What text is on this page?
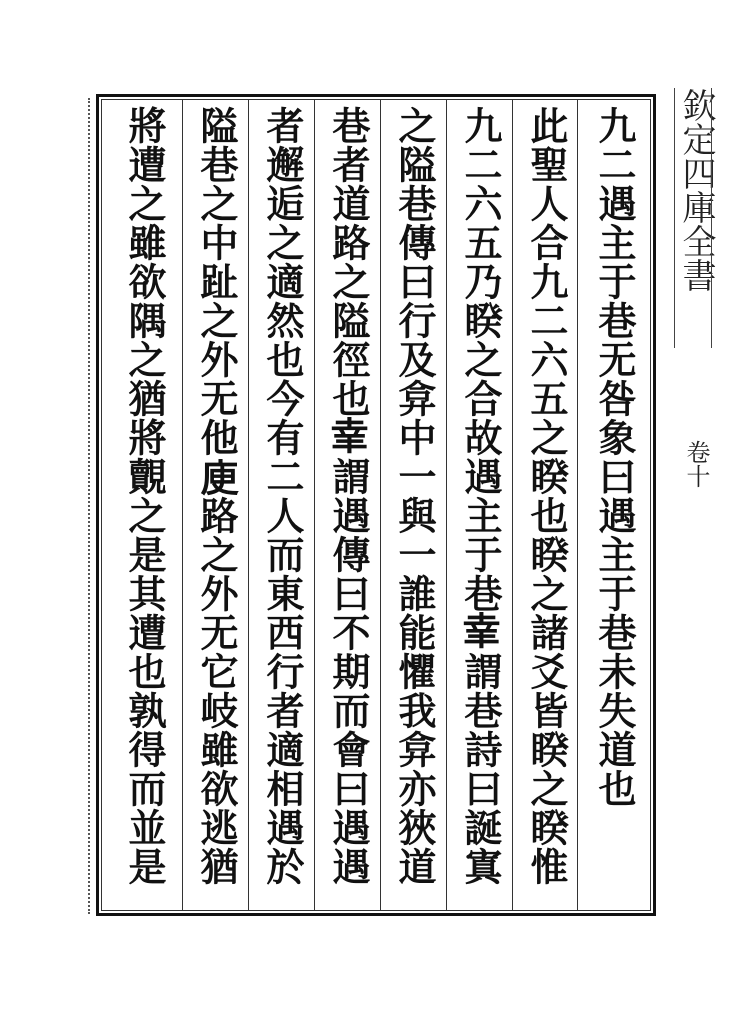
九二遇主于巷无咎象曰遇主于巷未失道也
此聖人合九二六五之睽也睽之諸爻皆睽之睽惟
九二六五乃睽之合故遇主于巷𦍒謂巷詩曰誕寘
之隘巷傳曰行及弇中一與一誰能懼我弇亦狹道
巷者道路之隘徑也𦍒謂遇傳曰不期而會曰遇遇
者邂逅之適然也今有二人而東西行者適相遇於
隘巷之中趾之外无他𢈔路之外无它岐雖欲逃猶
將遭之雖欲隅之猶將覿之是其遭也孰得而並是	欽定四庫全書
卷十
